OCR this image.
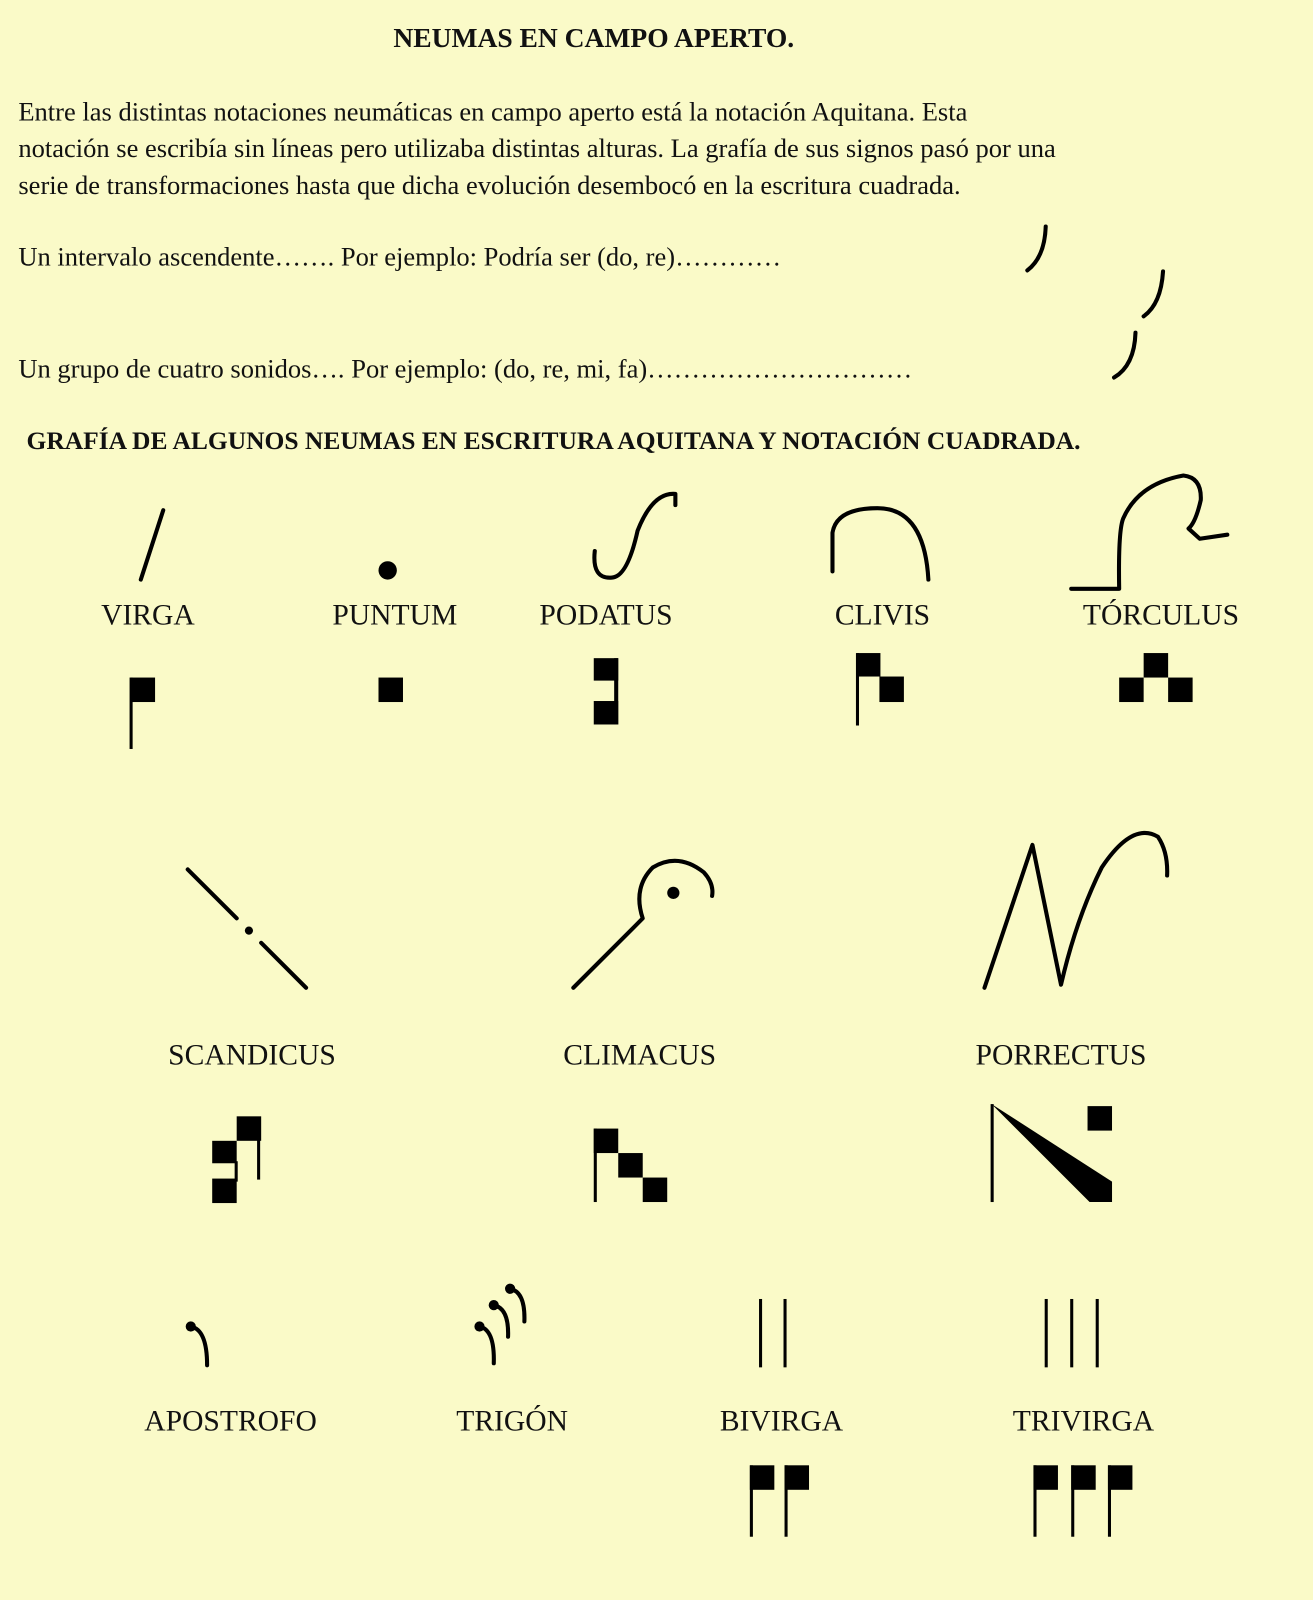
NEUMAS EN CAMPO APERTO.
Entre las distintas notaciones neumáticas en campo aperto está la notación Aquitana. Esta
notación se escribía sin líneas pero utilizaba distintas alturas. La grafía de sus signos pasó por una
serie de transformaciones hasta que dicha evolución desembocó en la escritura cuadrada.
Un intervalo ascendente……. Por ejemplo: Podría ser (do, re)…………
Un grupo de cuatro sonidos…. Por ejemplo: (do, re, mi, fa)…………………………
GRAFÍA DE ALGUNOS NEUMAS EN ESCRITURA AQUITANA Y NOTACIÓN CUADRADA.
VIRGA	PUNTUM	PODATUS	CLIVIS	TÓRCULUS
SCANDICUS	CLIMACUS	PORRECTUS
APOSTROFO	TRIGÓN	BIVIRGA	TRIVIRGA
